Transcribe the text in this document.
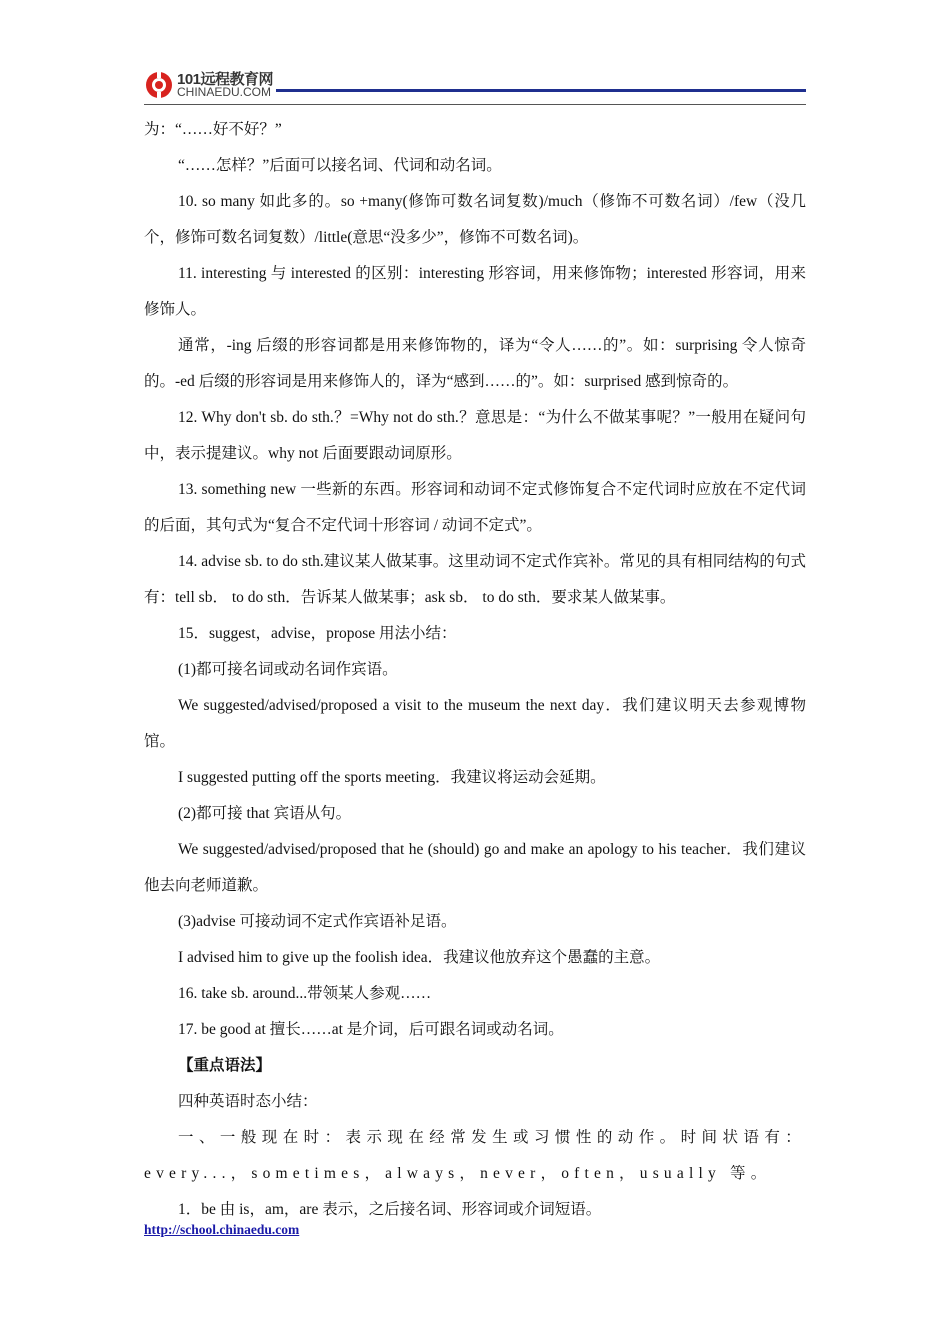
101远程教育网
CHINAEDU.COM

为：“……好不好？”

“……怎样？”后面可以接名词、代词和动名词。

10. so many 如此多的。so +many(修饰可数名词复数)/much（修饰不可数名词）/few（没几个，修饰可数名词复数）/little(意思“没多少”，修饰不可数名词)。

11. interesting 与 interested 的区别：interesting 形容词，用来修饰物；interested 形容词，用来修饰人。

通常，-ing 后缀的形容词都是用来修饰物的，译为“令人……的”。如：surprising 令人惊奇的。-ed 后缀的形容词是用来修饰人的，译为“感到……的”。如：surprised 感到惊奇的。

12. Why don't sb. do sth.？=Why not do sth.？意思是：“为什么不做某事呢？”一般用在疑问句中，表示提建议。why not 后面要跟动词原形。

13. something new 一些新的东西。形容词和动词不定式修饰复合不定代词时应放在不定代词的后面，其句式为“复合不定代词十形容词 / 动词不定式”。

14. advise sb. to do sth.建议某人做某事。这里动词不定式作宾补。常见的具有相同结构的句式有：tell sb． to do sth．告诉某人做某事；ask sb． to do sth．要求某人做某事。

15．suggest，advise，propose 用法小结：

(1)都可接名词或动名词作宾语。

We suggested/advised/proposed a visit to the museum the next day．我们建议明天去参观博物馆。

I suggested putting off the sports meeting．我建议将运动会延期。

(2)都可接 that 宾语从句。

We suggested/advised/proposed that he (should) go and make an apology to his teacher．我们建议他去向老师道歉。

(3)advise 可接动词不定式作宾语补足语。

I advised him to give up the foolish idea．我建议他放弃这个愚蠢的主意。

16. take sb. around...带领某人参观……

17. be good at 擅长……at 是介词，后可跟名词或动名词。

【重点语法】

四种英语时态小结：

一、一般现在时：表示现在经常发生或习惯性的动作。时间状语有：every...，sometimes，always，never，often，usually 等。

1．be 由 is，am，are 表示，之后接名词、形容词或介词短语。

http://school.chinaedu.com
